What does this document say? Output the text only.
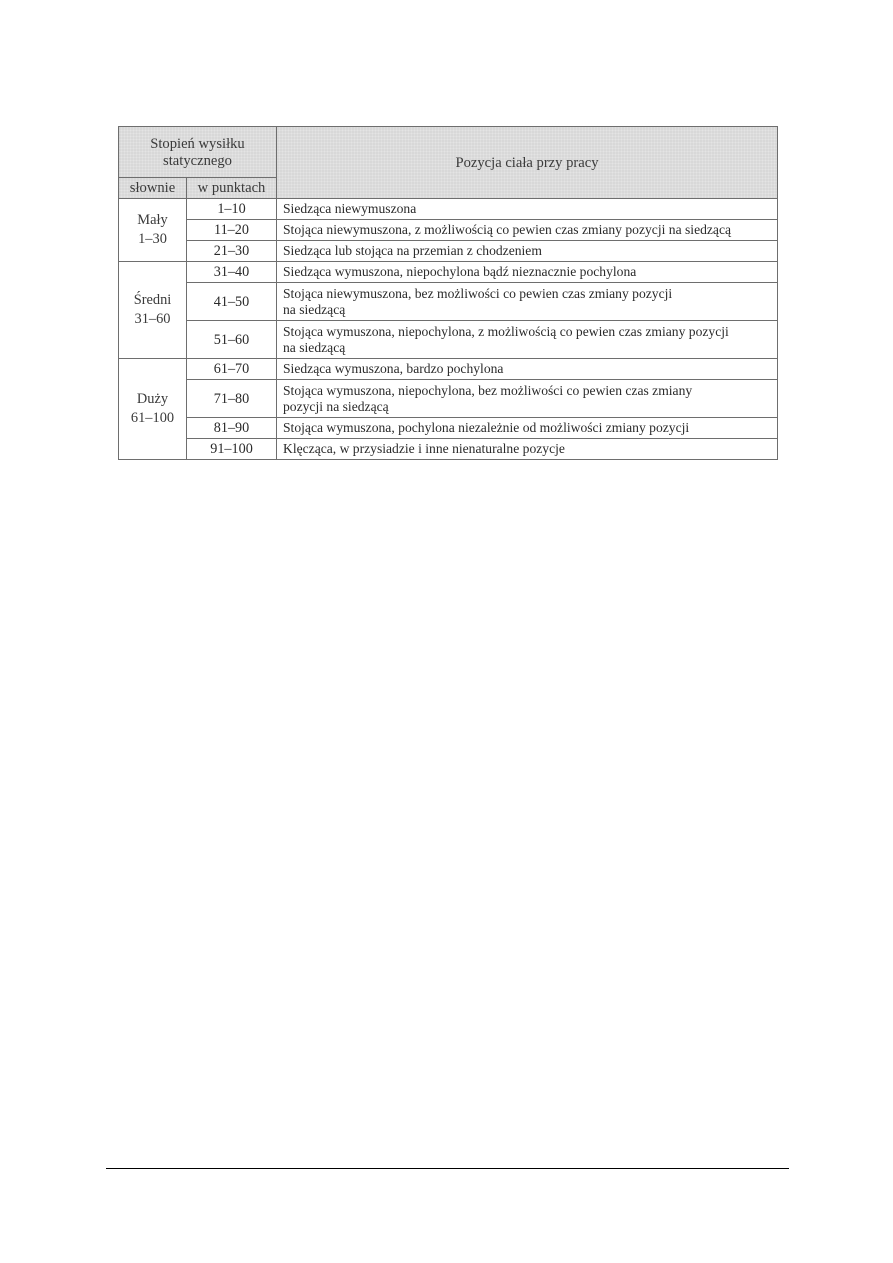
Stopień wysiłku
statycznego		Pozycja ciała przy pracy
słownie	w punktach	

Mały
1–30	1–10	Siedząca niewymuszona
	11–20	Stojąca niewymuszona, z możliwością co pewien czas zmiany pozycji na siedzącą
	21–30	Siedząca lub stojąca na przemian z chodzeniem

Średni
31–60	31–40	Siedząca wymuszona, niepochylona bądź nieznacznie pochylona
	41–50	Stojąca niewymuszona, bez możliwości co pewien czas zmiany pozycji
na siedzącą
	51–60	Stojąca wymuszona, niepochylona, z możliwością co pewien czas zmiany pozycji
na siedzącą

Duży
61–100	61–70	Siedząca wymuszona, bardzo pochylona
	71–80	Stojąca wymuszona, niepochylona, bez możliwości co pewien czas zmiany
pozycji na siedzącą
	81–90	Stojąca wymuszona, pochylona niezależnie od możliwości zmiany pozycji
	91–100	Klęcząca, w przysiadzie i inne nienaturalne pozycje
